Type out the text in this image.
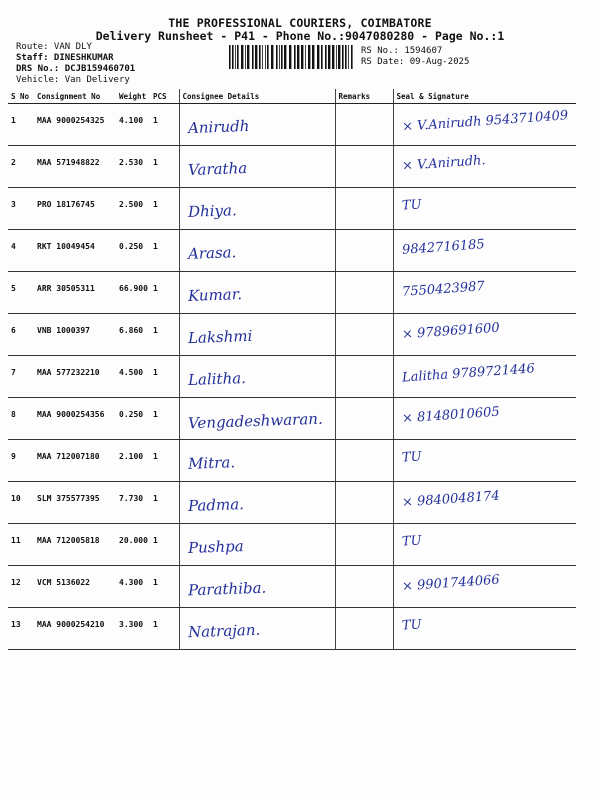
THE PROFESSIONAL COURIERS, COIMBATORE
Delivery Runsheet - P41 - Phone No.:9047080280 - Page No.:1
Route: VAN DLY
Staff: DINESHKUMAR
DRS No.: DCJB159460701
Vehicle: Van Delivery
RS No.: 1594607
RS Date: 09-Aug-2025
S No	Consignment No	Weight	PCS	Consignee Details	Remarks	Seal & Signature
1	MAA 9000254325	4.100	1	Anirudh		× V.Anirudh 9543710409

2	MAA 571948822	2.530	1	Varatha		× V.Anirudh.

3	PRO 18176745	2.500	1	Dhiya.		TU

4	RKT 10049454	0.250	1	Arasa.		9842716185

5	ARR 30505311	66.900	1	Kumar.		7550423987

6	VNB 1000397	6.860	1	Lakshmi		× 9789691600

7	MAA 577232210	4.500	1	Lalitha.		Lalitha 9789721446

8	MAA 9000254356	0.250	1	Vengadeshwaran.		× 8148010605

9	MAA 712007180	2.100	1	Mitra.		TU

10	SLM 375577395	7.730	1	Padma.		× 9840048174

11	MAA 712005818	20.000	1	Pushpa		TU

12	VCM 5136022	4.300	1	Parathiba.		× 9901744066

13	MAA 9000254210	3.300	1	Natrajan.		TU
